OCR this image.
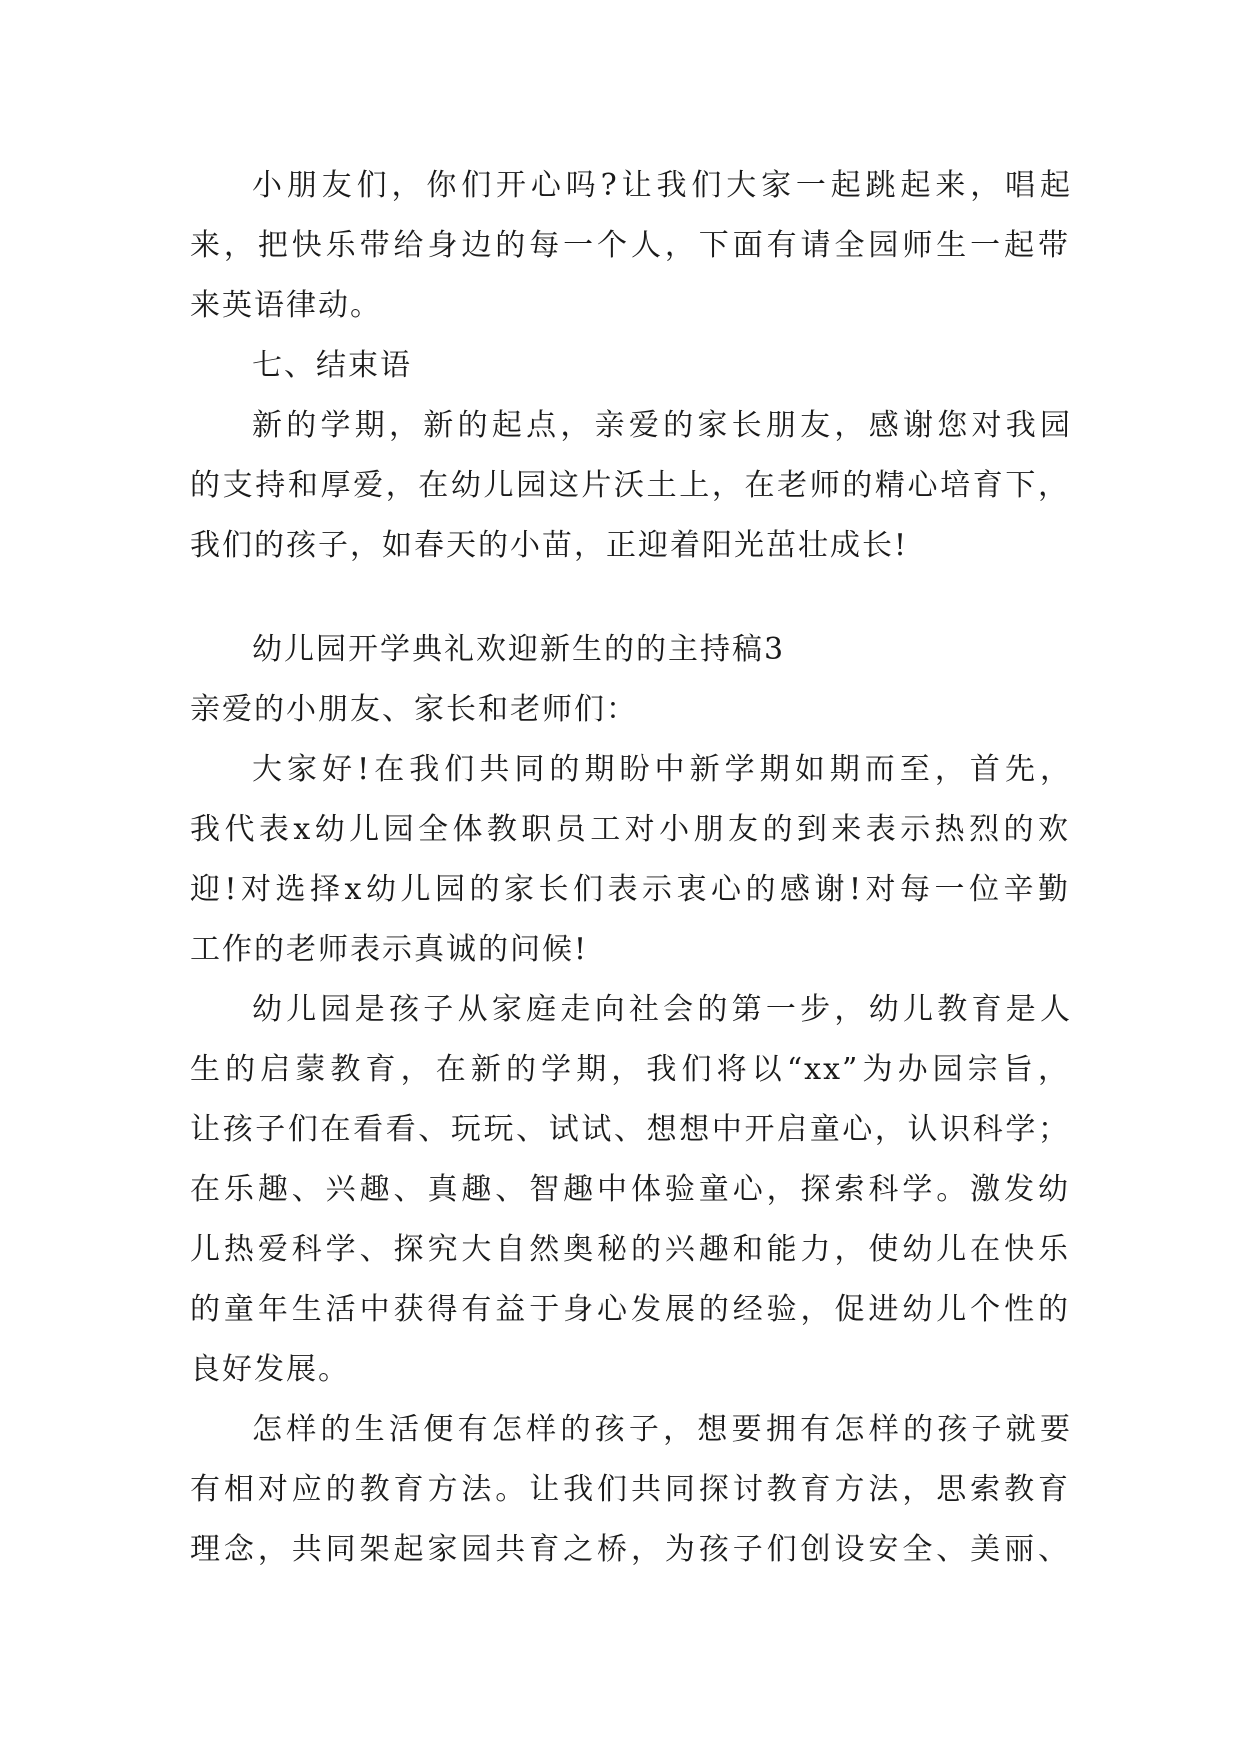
小朋友们，你们开心吗?让我们大家一起跳起来，唱起
来，把快乐带给身边的每一个人，下面有请全园师生一起带
来英语律动。
七、结束语
新的学期，新的起点，亲爱的家长朋友，感谢您对我园
的支持和厚爱，在幼儿园这片沃土上，在老师的精心培育下，
我们的孩子，如春天的小苗，正迎着阳光茁壮成长!
幼儿园开学典礼欢迎新生的的主持稿3
亲爱的小朋友、家长和老师们：
大家好!在我们共同的期盼中新学期如期而至，首先，
我代表x幼儿园全体教职员工对小朋友的到来表示热烈的欢
迎!对选择x幼儿园的家长们表示衷心的感谢!对每一位辛勤
工作的老师表示真诚的问候!
幼儿园是孩子从家庭走向社会的第一步，幼儿教育是人
生的启蒙教育，在新的学期，我们将以“xx”为办园宗旨，
让孩子们在看看、玩玩、试试、想想中开启童心，认识科学；
在乐趣、兴趣、真趣、智趣中体验童心，探索科学。激发幼
儿热爱科学、探究大自然奥秘的兴趣和能力，使幼儿在快乐
的童年生活中获得有益于身心发展的经验，促进幼儿个性的
良好发展。
怎样的生活便有怎样的孩子，想要拥有怎样的孩子就要
有相对应的教育方法。让我们共同探讨教育方法，思索教育
理念，共同架起家园共育之桥，为孩子们创设安全、美丽、
